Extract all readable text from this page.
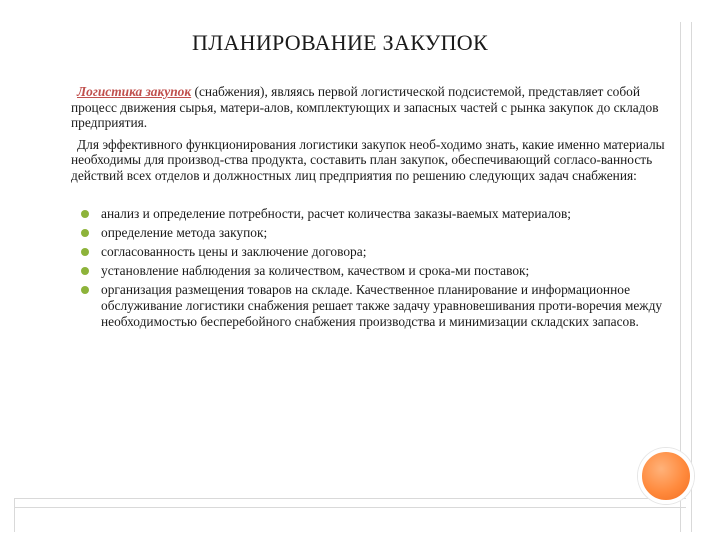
ПЛАНИРОВАНИЕ ЗАКУПОК

Логистика закупок (снабжения), являясь первой логистической подсистемой, представляет собой процесс движения сырья, матери-алов, комплектующих и запасных частей с рынка закупок до складов предприятия.

Для эффективного функционирования логистики закупок необ-ходимо знать, какие именно материалы необходимы для производ-ства продукта, составить план закупок, обеспечивающий согласо-ванность действий всех отделов и должностных лиц предприятия по решению следующих задач снабжения:

анализ и определение потребности, расчет количества заказы-ваемых материалов;
определение метода закупок;
согласованность цены и заключение договора;
установление наблюдения за количеством, качеством и срока-ми поставок;
организация размещения товаров на складе. Качественное планирование и информационное обслуживание логистики снабжения решает также задачу уравновешивания проти-воречия между необходимостью бесперебойного снабжения производства и минимизации складских запасов.
